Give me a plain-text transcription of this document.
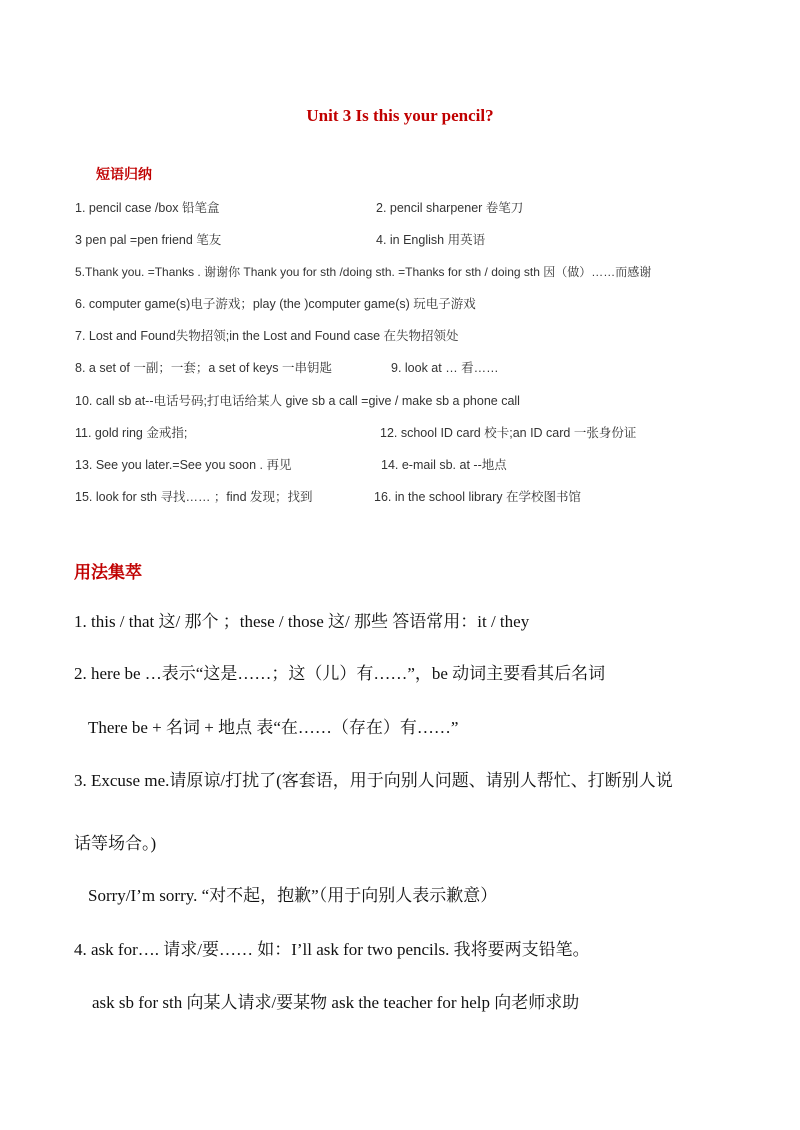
Unit 3 Is this your pencil?
短语归纳
1. pencil case /box 铅笔盒	2. pencil sharpener 卷笔刀
3 pen pal =pen friend 笔友	4. in English 用英语
5.Thank you. =Thanks . 谢谢你 Thank you for sth /doing sth. =Thanks for sth / doing sth 因（做）……而感谢
6. computer game(s)电子游戏；play (the )computer game(s) 玩电子游戏
7. Lost and Found失物招领;in the Lost and Found case 在失物招领处
8. a set of 一副；一套；a set of keys 一串钥匙	9. look at … 看……
10. call sb at--电话号码;打电话给某人 give sb a call =give / make sb a phone call
11. gold ring 金戒指;	12. school ID card 校卡;an ID card 一张身份证
13. See you later.=See you soon . 再见	14. e-mail sb. at --地点
15. look for sth 寻找…… ；find 发现；找到	16. in the school library 在学校图书馆
用法集萃
1. this / that 这/ 那个 ；these / those 这/ 那些 答语常用：it / they
2. here be …表示“这是……；这（儿）有……”，be 动词主要看其后名词
There be + 名词 + 地点 表“在……（存在）有……”
3. Excuse me.请原谅/打扰了(客套语，用于向别人问题、请别人帮忙、打断别人说
话等场合。)
Sorry/I’m sorry. “对不起，抱歉”（用于向别人表示歉意）
4. ask for…. 请求/要…… 如：I’ll ask for two pencils. 我将要两支铅笔。
ask sb for sth 向某人请求/要某物 ask the teacher for help 向老师求助
